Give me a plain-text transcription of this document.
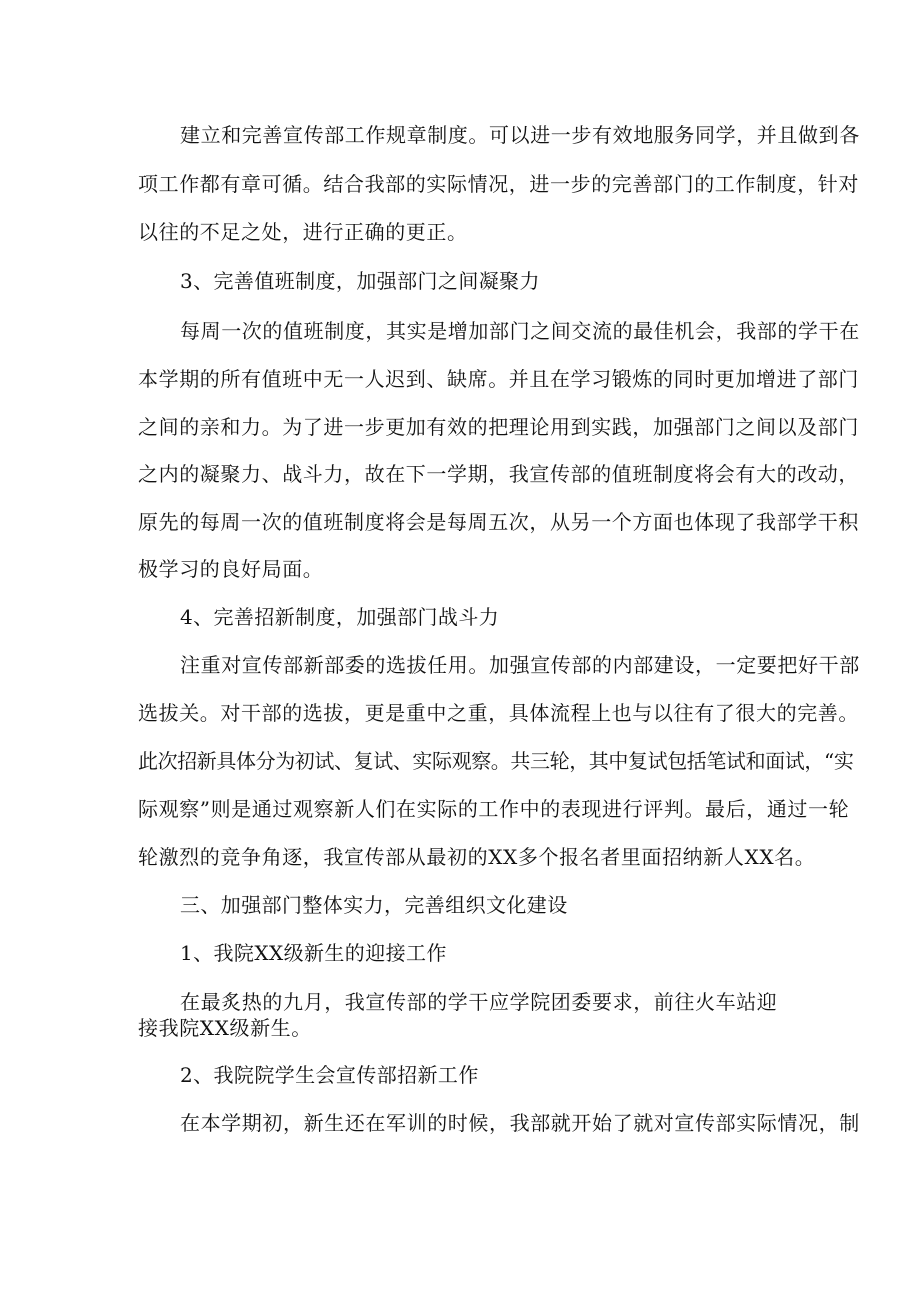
建立和完善宣传部工作规章制度。可以进一步有效地服务同学，并且做到各
项工作都有章可循。结合我部的实际情况，进一步的完善部门的工作制度，针对
以往的不足之处，进行正确的更正。
3、完善值班制度，加强部门之间凝聚力
每周一次的值班制度，其实是增加部门之间交流的最佳机会，我部的学干在
本学期的所有值班中无一人迟到、缺席。并且在学习锻炼的同时更加增进了部门
之间的亲和力。为了进一步更加有效的把理论用到实践，加强部门之间以及部门
之内的凝聚力、战斗力，故在下一学期，我宣传部的值班制度将会有大的改动，
原先的每周一次的值班制度将会是每周五次，从另一个方面也体现了我部学干积
极学习的良好局面。
4、完善招新制度，加强部门战斗力
注重对宣传部新部委的选拔任用。加强宣传部的内部建设，一定要把好干部
选拔关。对干部的选拔，更是重中之重，具体流程上也与以往有了很大的完善。
此次招新具体分为初试、复试、实际观察。共三轮，其中复试包括笔试和面试，“实
际观察”则是通过观察新人们在实际的工作中的表现进行评判。最后，通过一轮
轮激烈的竞争角逐，我宣传部从最初的XX多个报名者里面招纳新人XX名。
三、加强部门整体实力，完善组织文化建设
1、我院XX级新生的迎接工作
在最炙热的九月，我宣传部的学干应学院团委要求，前往火车站迎
接我院XX级新生。
2、我院院学生会宣传部招新工作
在本学期初，新生还在军训的时候，我部就开始了就对宣传部实际情况，制
